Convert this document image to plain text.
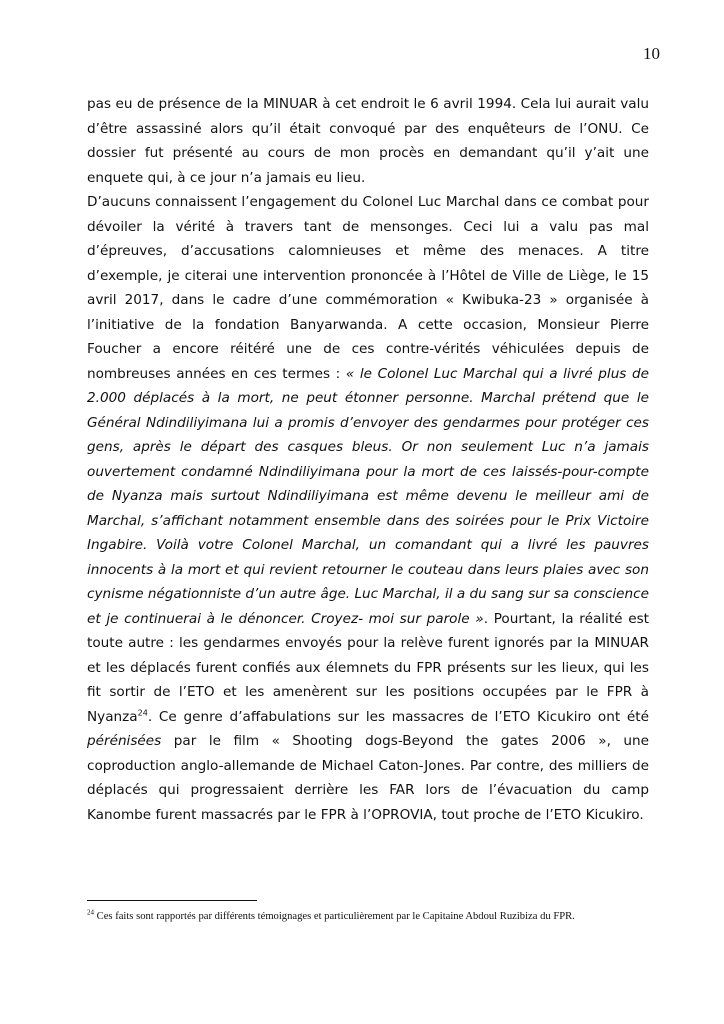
10

pas eu de présence de la MINUAR à cet endroit le 6 avril 1994. Cela lui aurait valu d’être assassiné alors qu’il était convoqué par des enquêteurs de l’ONU. Ce dossier fut présenté au cours de mon procès en demandant qu’il y’ait une enquete qui, à ce jour n’a jamais eu lieu.

D’aucuns connaissent l’engagement du Colonel Luc Marchal dans ce combat pour dévoiler la vérité à travers tant de mensonges. Ceci lui a valu pas mal d’épreuves, d’accusations calomnieuses et même des menaces. A titre d’exemple, je citerai une intervention prononcée à l’Hôtel de Ville de Liège, le 15 avril 2017, dans le cadre d’une commémoration « Kwibuka-23 » organisée à l’initiative de la fondation Banyarwanda. A cette occasion, Monsieur Pierre Foucher a encore réitéré une de ces contre-vérités véhiculées depuis de nombreuses années en ces termes : « le Colonel Luc Marchal qui a livré plus de 2.000 déplacés à la mort, ne peut étonner personne. Marchal prétend que le Général Ndindiliyimana lui a promis d’envoyer des gendarmes pour protéger ces gens, après le départ des casques bleus. Or non seulement Luc n’a jamais ouvertement condamné Ndindiliyimana pour la mort de ces laissés-pour-compte de Nyanza mais surtout Ndindiliyimana est même devenu le meilleur ami de Marchal, s’affichant notamment ensemble dans des soirées pour le Prix Victoire Ingabire. Voilà votre Colonel Marchal, un comandant qui a livré les pauvres innocents à la mort et qui revient retourner le couteau dans leurs plaies avec son cynisme négationniste d’un autre âge. Luc Marchal, il a du sang sur sa conscience et je continuerai à le dénoncer. Croyez- moi sur parole ». Pourtant, la réalité est toute autre : les gendarmes envoyés pour la relève furent ignorés par la MINUAR et les déplacés furent confiés aux élemnets du FPR présents sur les lieux, qui les fit sortir de l’ETO et les amenèrent sur les positions occupées par le FPR à Nyanza$^{24}$. Ce genre d’affabulations sur les massacres de l’ETO Kicukiro ont été pérénisées par le film « Shooting dogs-Beyond the gates 2006 », une coproduction anglo-allemande de Michael Caton-Jones. Par contre, des milliers de déplacés qui progressaient derrière les FAR lors de l’évacuation du camp Kanombe furent massacrés par le FPR à l’OPROVIA, tout proche de l’ETO Kicukiro.

$^{24}$ Ces faits sont rapportés par différents témoignages et particulièrement par le Capitaine Abdoul Ruzibiza du FPR.
